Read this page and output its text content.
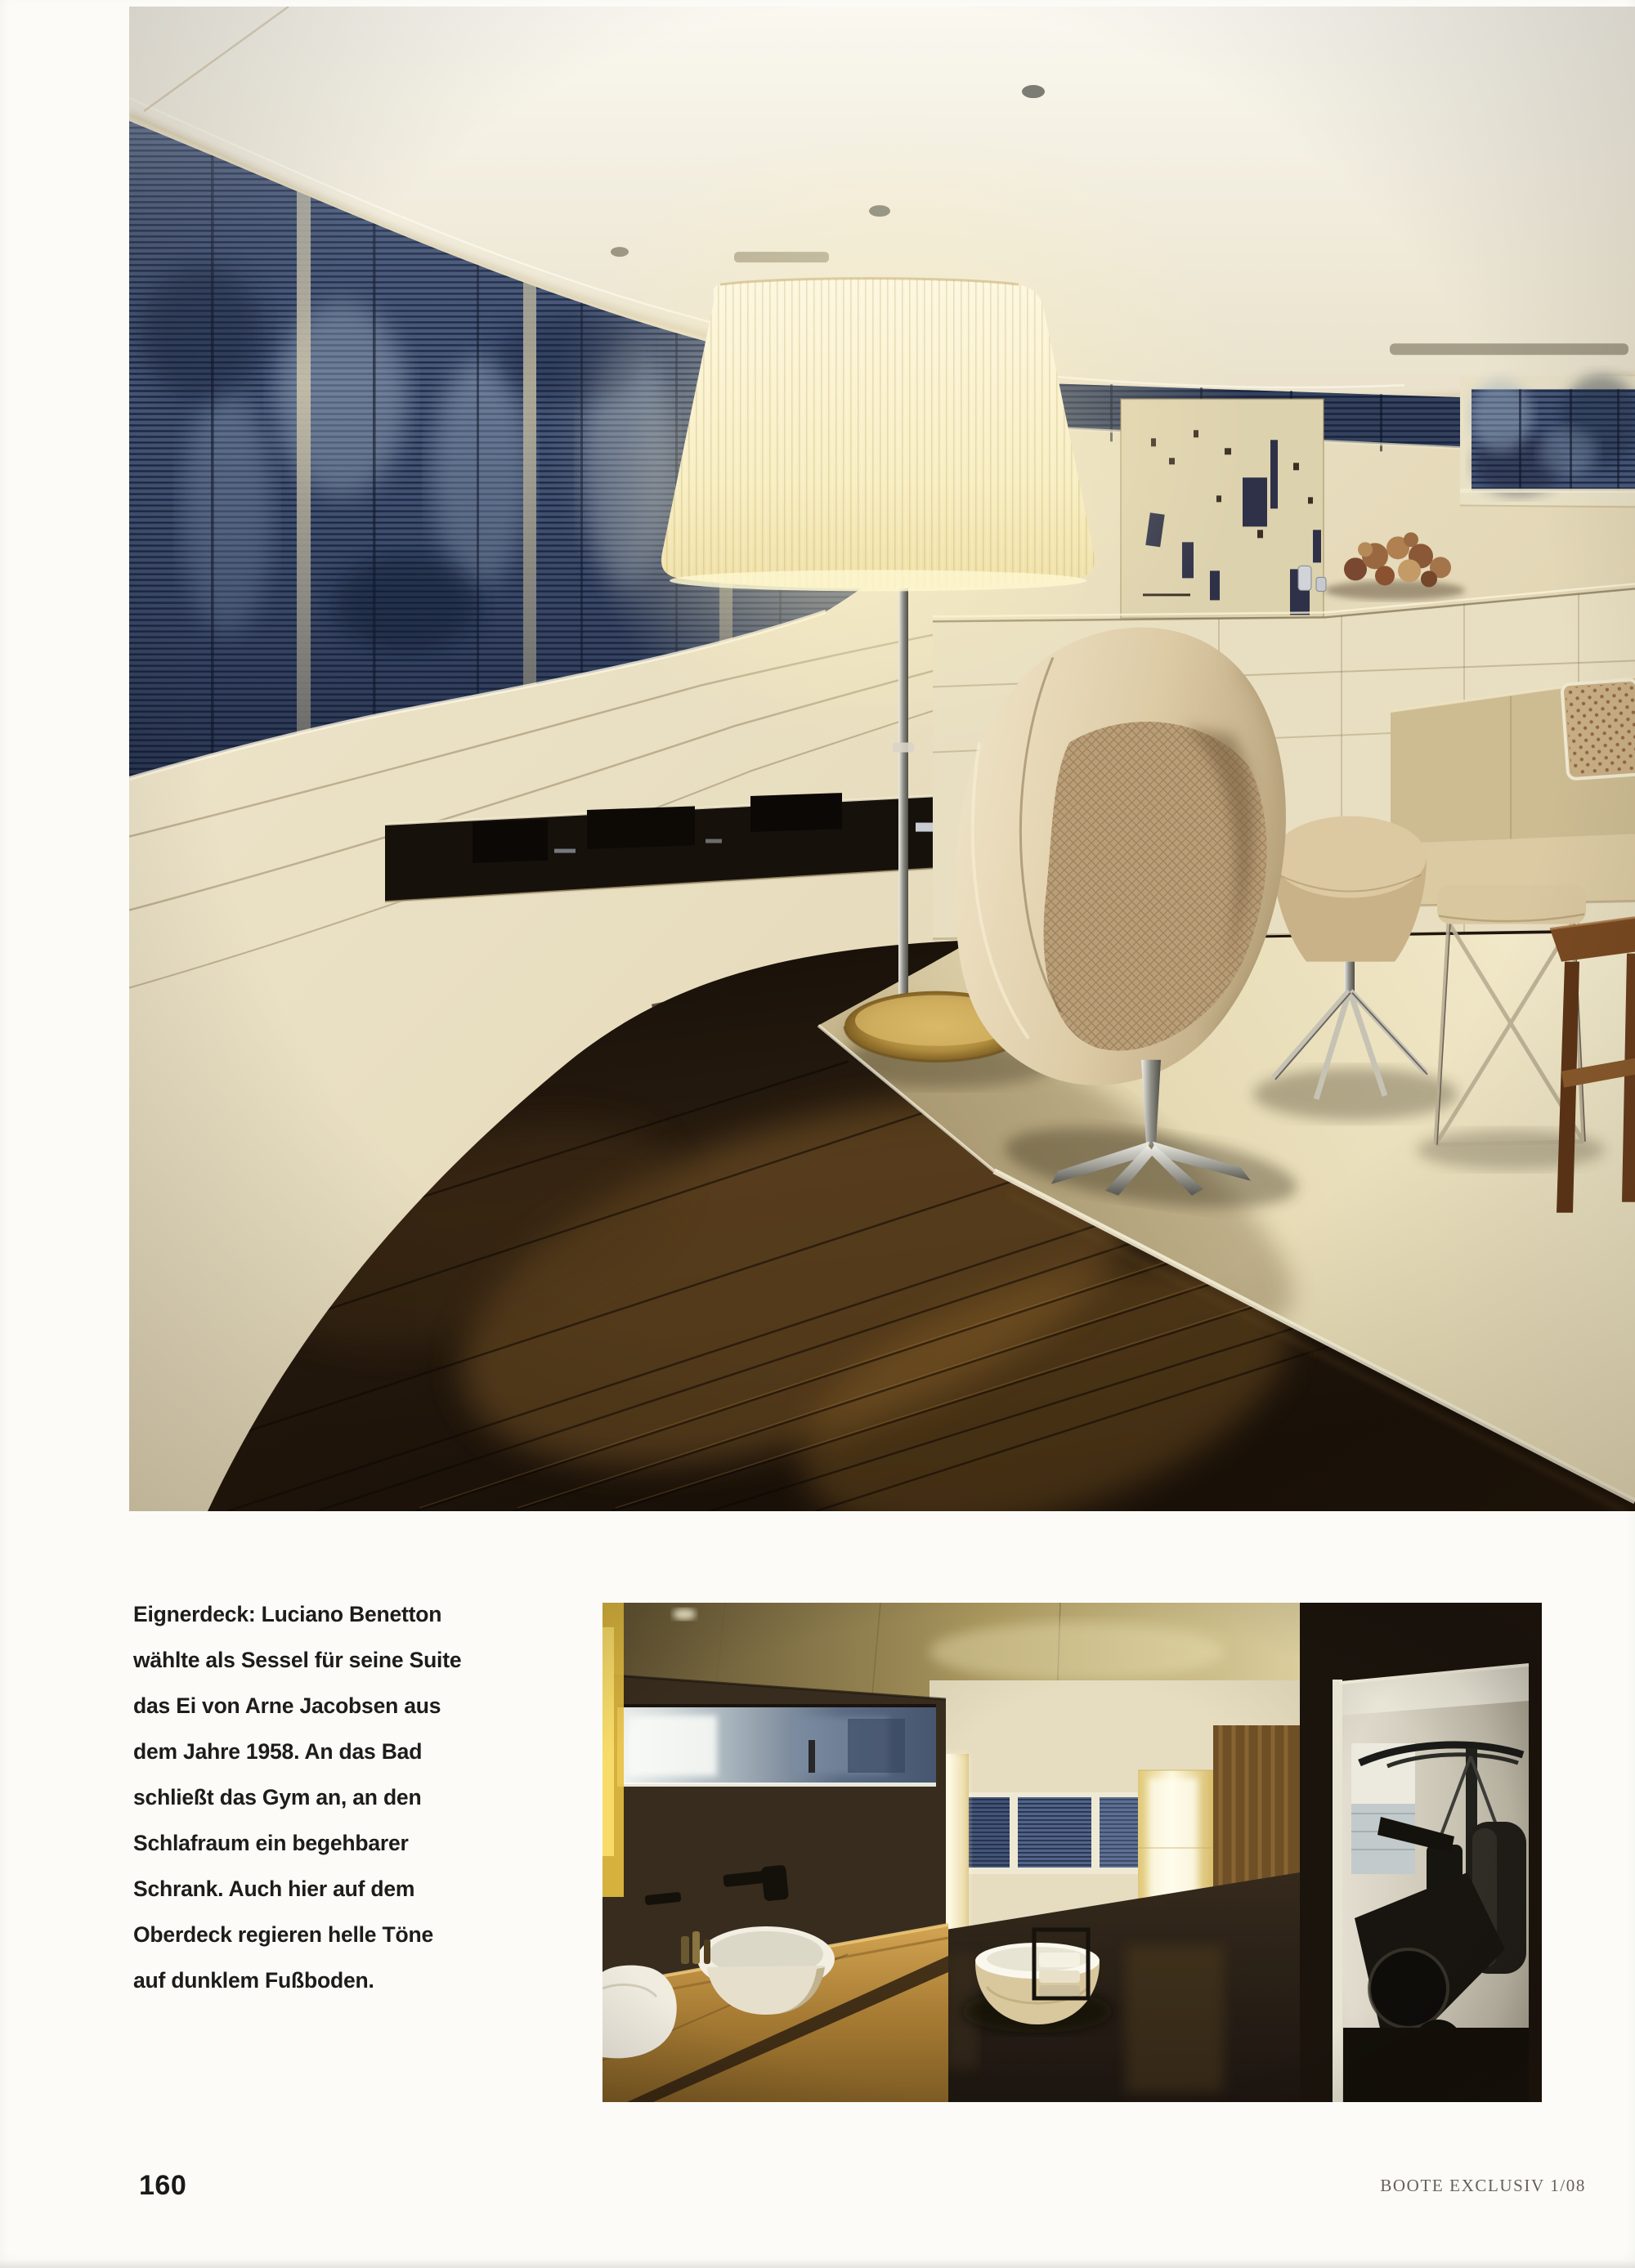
Eignerdeck: Luciano Benetton
wählte als Sessel für seine Suite
das Ei von Arne Jacobsen aus
dem Jahre 1958. An das Bad
schließt das Gym an, an den
Schlafraum ein begehbarer
Schrank. Auch hier auf dem
Oberdeck regieren helle Töne
auf dunklem Fußboden.
160	BOOTE EXCLUSIV 1/08
